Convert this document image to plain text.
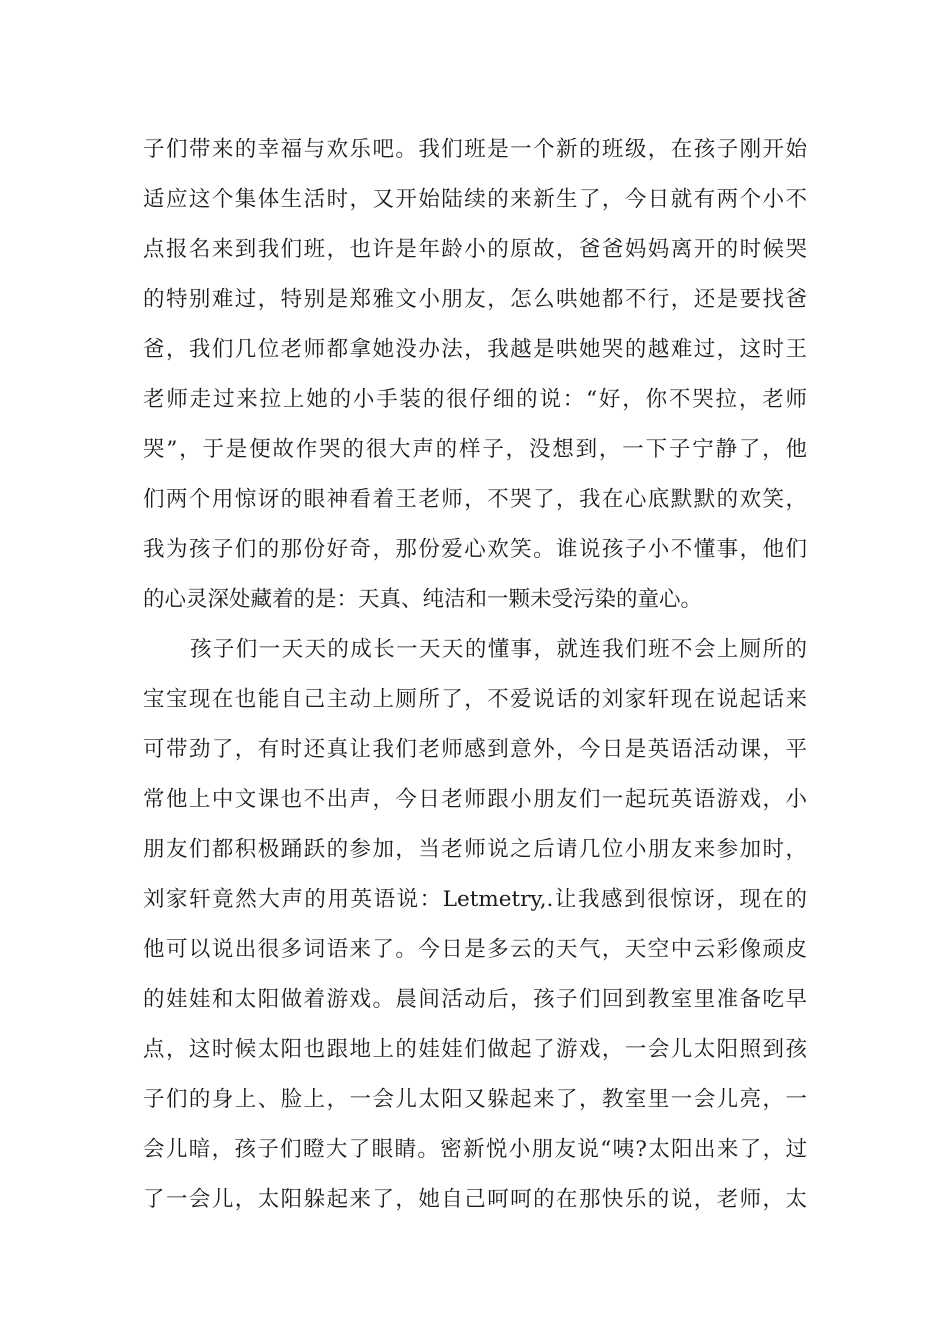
子们带来的幸福与欢乐吧。我们班是一个新的班级，在孩子刚开始
适应这个集体生活时，又开始陆续的来新生了，今日就有两个小不
点报名来到我们班，也许是年龄小的原故，爸爸妈妈离开的时候哭
的特别难过，特别是郑雅文小朋友，怎么哄她都不行，还是要找爸
爸，我们几位老师都拿她没办法，我越是哄她哭的越难过，这时王
老师走过来拉上她的小手装的很仔细的说：“好，你不哭拉，老师
哭”，于是便故作哭的很大声的样子，没想到，一下子宁静了，他
们两个用惊讶的眼神看着王老师，不哭了，我在心底默默的欢笑，
我为孩子们的那份好奇，那份爱心欢笑。谁说孩子小不懂事，他们
的心灵深处藏着的是：天真、纯洁和一颗未受污染的童心。
孩子们一天天的成长一天天的懂事，就连我们班不会上厕所的
宝宝现在也能自己主动上厕所了，不爱说话的刘家轩现在说起话来
可带劲了，有时还真让我们老师感到意外，今日是英语活动课，平
常他上中文课也不出声，今日老师跟小朋友们一起玩英语游戏，小
朋友们都积极踊跃的参加，当老师说之后请几位小朋友来参加时，
刘家轩竟然大声的用英语说：Letmetry,.让我感到很惊讶，现在的
他可以说出很多词语来了。今日是多云的天气，天空中云彩像顽皮
的娃娃和太阳做着游戏。晨间活动后，孩子们回到教室里准备吃早
点，这时候太阳也跟地上的娃娃们做起了游戏，一会儿太阳照到孩
子们的身上、脸上，一会儿太阳又躲起来了，教室里一会儿亮，一
会儿暗，孩子们瞪大了眼睛。密新悦小朋友说“咦?太阳出来了，过
了一会儿，太阳躲起来了，她自己呵呵的在那快乐的说，老师，太
